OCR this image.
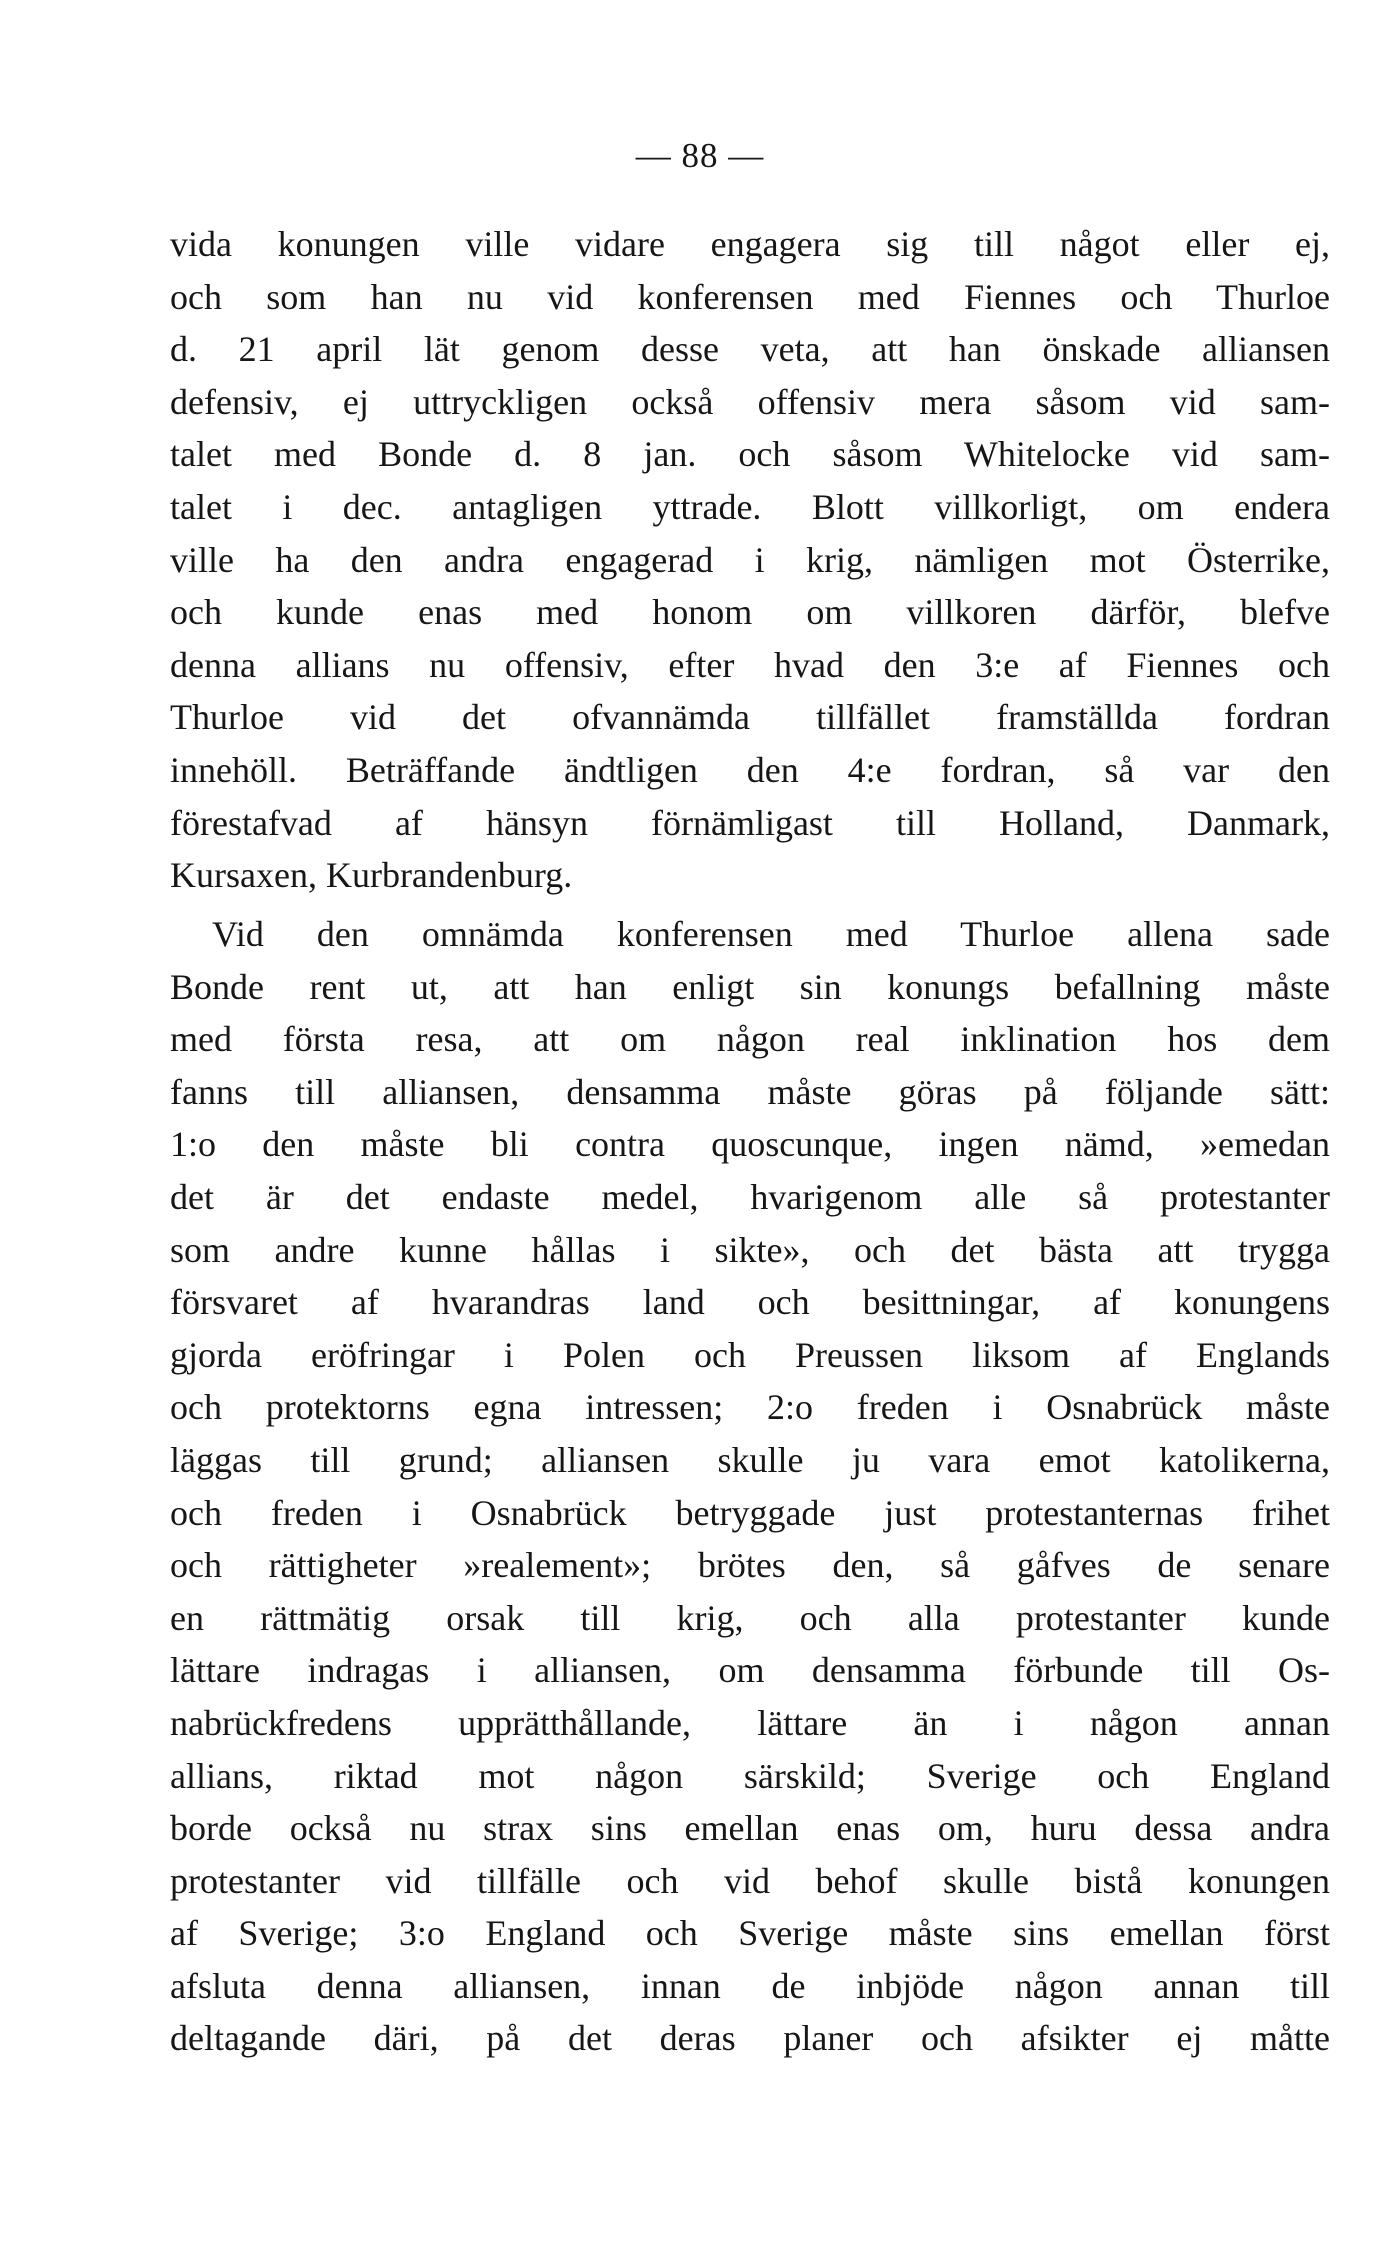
— 88 —
vida konungen ville vidare engagera sig till något eller ej,
och som han nu vid konferensen med Fiennes och Thurloe
d. 21 april lät genom desse veta, att han önskade alliansen
defensiv, ej uttryckligen också offensiv mera såsom vid sam-
talet med Bonde d. 8 jan. och såsom Whitelocke vid sam-
talet i dec. antagligen yttrade. Blott villkorligt, om endera
ville ha den andra engagerad i krig, nämligen mot Österrike,
och kunde enas med honom om villkoren därför, blefve
denna allians nu offensiv, efter hvad den 3:e af Fiennes och
Thurloe vid det ofvannämda tillfället framställda fordran
innehöll. Beträffande ändtligen den 4:e fordran, så var den
förestafvad af hänsyn förnämligast till Holland, Danmark,
Kursaxen, Kurbrandenburg.
Vid den omnämda konferensen med Thurloe allena sade
Bonde rent ut, att han enligt sin konungs befallning måste
med första resa, att om någon real inklination hos dem
fanns till alliansen, densamma måste göras på följande sätt:
1:o den måste bli contra quoscunque, ingen nämd, »emedan
det är det endaste medel, hvarigenom alle så protestanter
som andre kunne hållas i sikte», och det bästa att trygga
försvaret af hvarandras land och besittningar, af konungens
gjorda eröfringar i Polen och Preussen liksom af Englands
och protektorns egna intressen; 2:o freden i Osnabrück måste
läggas till grund; alliansen skulle ju vara emot katolikerna,
och freden i Osnabrück betryggade just protestanternas frihet
och rättigheter »realement»; brötes den, så gåfves de senare
en rättmätig orsak till krig, och alla protestanter kunde
lättare indragas i alliansen, om densamma förbunde till Os-
nabrückfredens upprätthållande, lättare än i någon annan
allians, riktad mot någon särskild; Sverige och England
borde också nu strax sins emellan enas om, huru dessa andra
protestanter vid tillfälle och vid behof skulle bistå konungen
af Sverige; 3:o England och Sverige måste sins emellan först
afsluta denna alliansen, innan de inbjöde någon annan till
deltagande däri, på det deras planer och afsikter ej måtte
